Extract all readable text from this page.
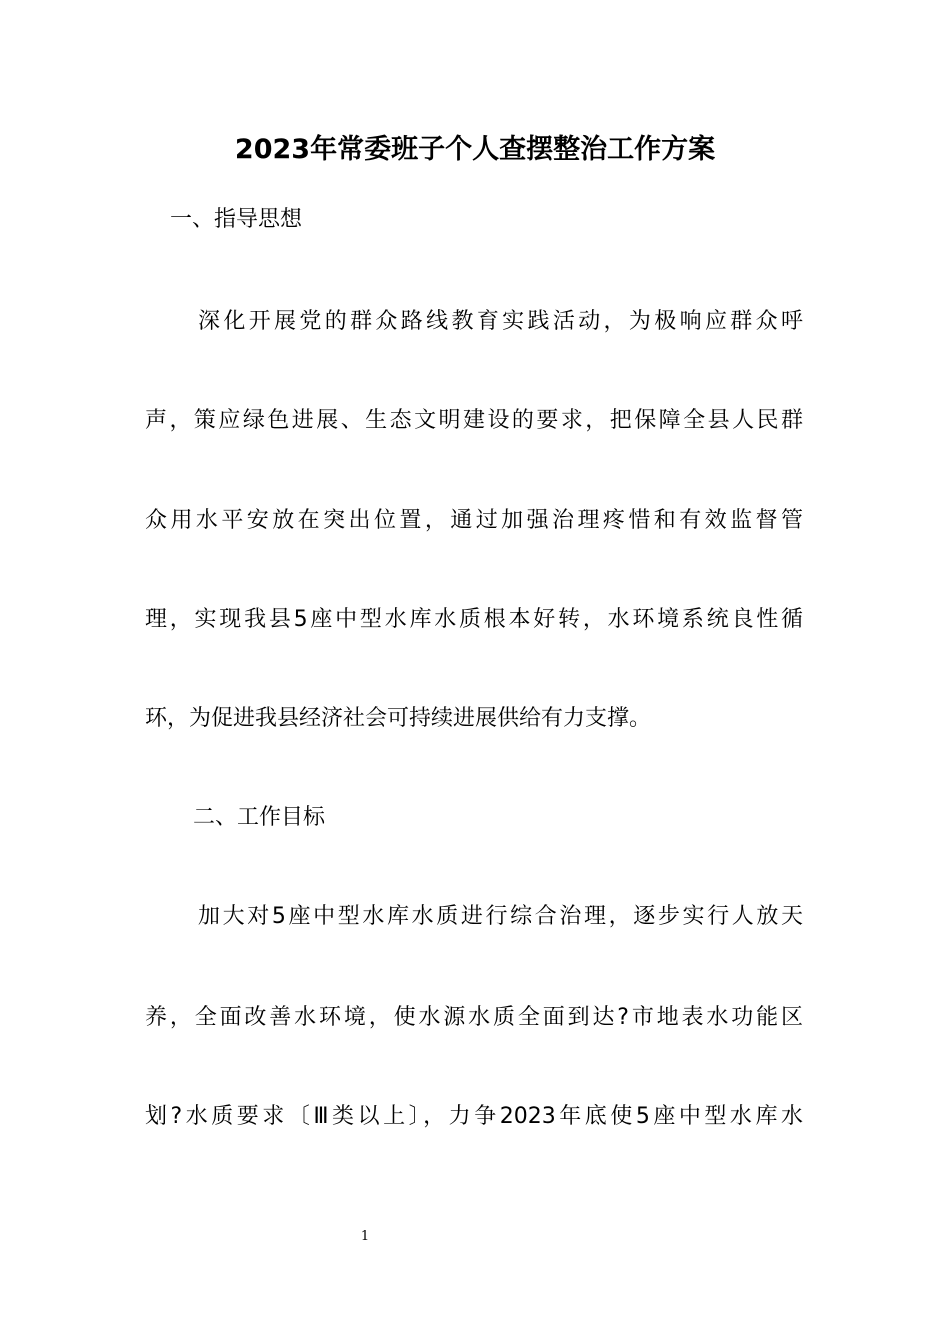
2023年常委班子个人查摆整治工作方案

一、指导思想

深化开展党的群众路线教育实践活动，为极响应群众呼

声，策应绿色进展、生态文明建设的要求，把保障全县人民群

众用水平安放在突出位置，通过加强治理疼惜和有效监督管

理，实现我县5座中型水库水质根本好转，水环境系统良性循

环，为促进我县经济社会可持续进展供给有力支撑。

二、工作目标

加大对5座中型水库水质进行综合治理，逐步实行人放天

养，全面改善水环境，使水源水质全面到达?市地表水功能区

划?水质要求〔Ⅲ类以上〕，力争2023年底使5座中型水库水

1
